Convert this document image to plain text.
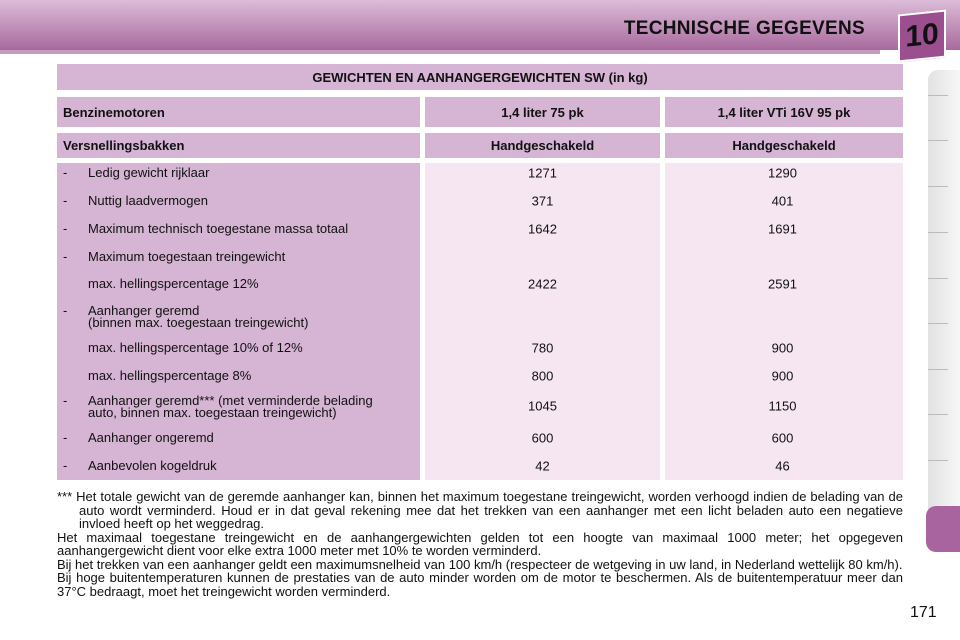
TECHNISCHE GEGEVENS 10
GEWICHTEN EN AANHANGERGEWICHTEN SW (in kg)
Benzinemotoren	1,4 liter 75 pk	1,4 liter VTi 16V 95 pk
Versnellingsbakken	Handgeschakeld	Handgeschakeld
- Ledig gewicht rijklaar	1271	1290
- Nuttig laadvermogen	371	401
- Maximum technisch toegestane massa totaal	1642	1691
- Maximum toegestaan treingewicht
max. hellingspercentage 12%	2422	2591
- Aanhanger geremd
(binnen max. toegestaan treingewicht)
max. hellingspercentage 10% of 12%	780	900
max. hellingspercentage 8%	800	900
- Aanhanger geremd*** (met verminderde belading
auto, binnen max. toegestaan treingewicht)	1045	1150
- Aanhanger ongeremd	600	600
- Aanbevolen kogeldruk	42	46

*** Het totale gewicht van de geremde aanhanger kan, binnen het maximum toegestane treingewicht, worden verhoogd indien de belading van de auto wordt verminderd. Houd er in dat geval rekening mee dat het trekken van een aanhanger met een licht beladen auto een negatieve invloed heeft op het weggedrag.

Het maximaal toegestane treingewicht en de aanhangergewichten gelden tot een hoogte van maximaal 1000 meter; het opgegeven aanhangergewicht dient voor elke extra 1000 meter met 10% te worden verminderd.

Bij het trekken van een aanhanger geldt een maximumsnelheid van 100 km/h (respecteer de wetgeving in uw land, in Nederland wettelijk 80 km/h).

Bij hoge buitentemperaturen kunnen de prestaties van de auto minder worden om de motor te beschermen. Als de buitentemperatuur meer dan 37°C bedraagt, moet het treingewicht worden verminderd.

171
